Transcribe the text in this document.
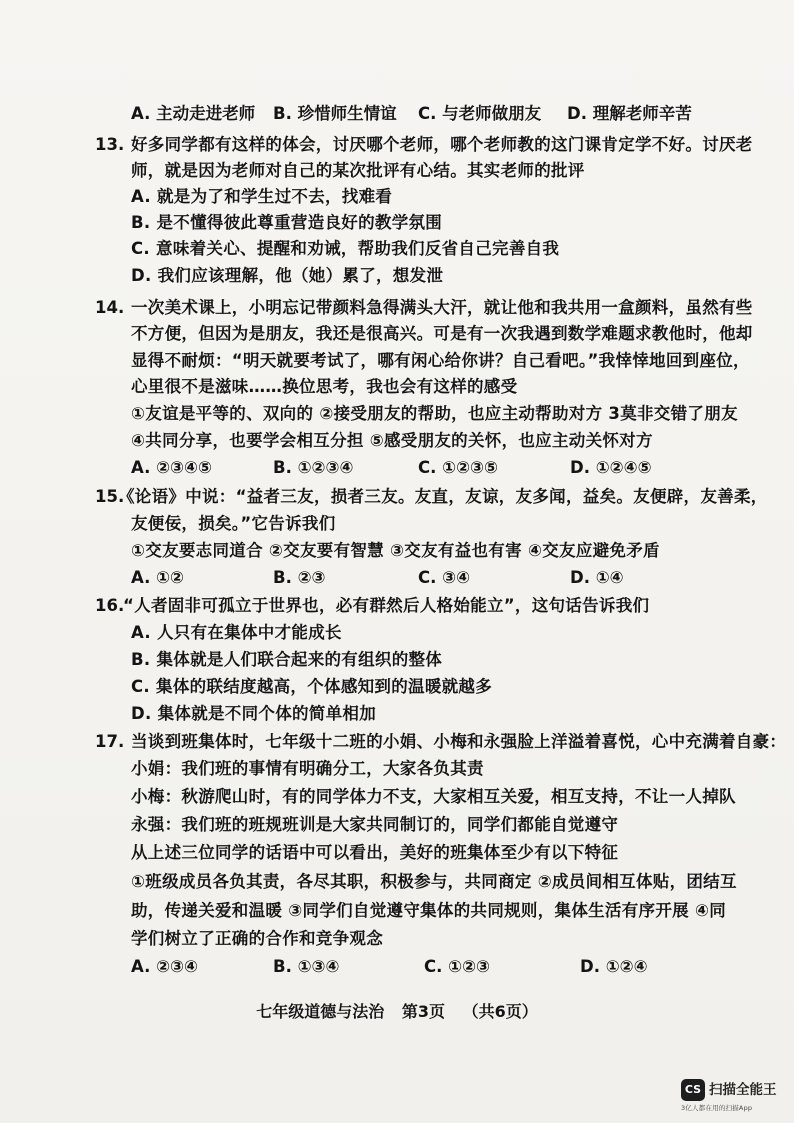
A. 主动走进老师 B. 珍惜师生情谊 C. 与老师做朋友 D. 理解老师辛苦
13. 好多同学都有这样的体会，讨厌哪个老师，哪个老师教的这门课肯定学不好。讨厌老
师，就是因为老师对自己的某次批评有心结。其实老师的批评
A. 就是为了和学生过不去，找难看
B. 是不懂得彼此尊重营造良好的教学氛围
C. 意味着关心、提醒和劝诫，帮助我们反省自己完善自我
D. 我们应该理解，他（她）累了，想发泄
14. 一次美术课上，小明忘记带颜料急得满头大汗，就让他和我共用一盒颜料，虽然有些
不方便，但因为是朋友，我还是很高兴。可是有一次我遇到数学难题求教他时，他却
显得不耐烦：“明天就要考试了，哪有闲心给你讲？自己看吧。”我悻悻地回到座位，
心里很不是滋味……换位思考，我也会有这样的感受
①友谊是平等的、双向的 ②接受朋友的帮助，也应主动帮助对方 3莫非交错了朋友
④共同分享，也要学会相互分担 ⑤感受朋友的关怀，也应主动关怀对方
A. ②③④⑤	B. ①②③④	C. ①②③⑤	D. ①②④⑤
15.
《论语》中说：“益者三友，损者三友。友直，友谅，友多闻，益矣。友便辟，友善柔，
友便佞，损矣。”它告诉我们
①交友要志同道合 ②交友要有智慧 ③交友有益也有害 ④交友应避免矛盾
A. ①②	B. ②③	C. ③④	D. ①④
16.
“人者固非可孤立于世界也，必有群然后人格始能立”，这句话告诉我们
A. 人只有在集体中才能成长
B. 集体就是人们联合起来的有组织的整体
C. 集体的联结度越高，个体感知到的温暖就越多
D. 集体就是不同个体的简单相加
17. 当谈到班集体时，七年级十二班的小娟、小梅和永强脸上洋溢着喜悦，心中充满着自豪：
小娟：我们班的事情有明确分工，大家各负其责
小梅：秋游爬山时，有的同学体力不支，大家相互关爱，相互支持，不让一人掉队
永强：我们班的班规班训是大家共同制订的，同学们都能自觉遵守
从上述三位同学的话语中可以看出，美好的班集体至少有以下特征
①班级成员各负其责，各尽其职，积极参与，共同商定 ②成员间相互体贴，团结互
助，传递关爱和温暖 ③同学们自觉遵守集体的共同规则，集体生活有序开展 ④同
学们树立了正确的合作和竞争观念
A. ②③④	B. ①③④	C. ①②③	D. ①②④
七年级道德与法治 第3页 （共6页）
CS 扫描全能王
3亿人都在用的扫描App
